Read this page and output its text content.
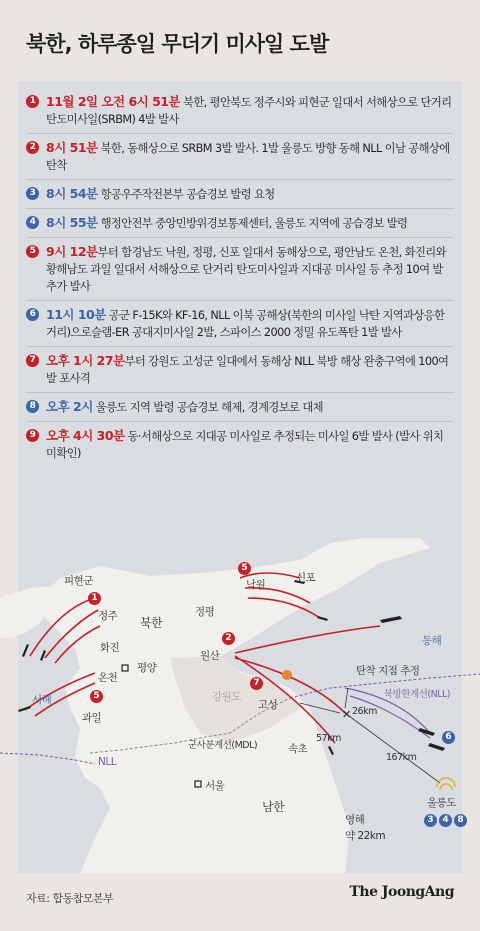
북한, 하루종일 무더기 미사일 도발
1 11월 2일 오전 6시 51분 북한, 평안북도 정주시와 피현군 일대서 서해상으로 단거리 탄도미사일(SRBM) 4발 발사
2 8시 51분 북한, 동해상으로 SRBM 3발 발사. 1발 울릉도 방향 동해 NLL 이남 공해상에 탄착
3 8시 54분 항공우주작전본부 공습경보 발령 요청
4 8시 55분 행정안전부 중앙민방위경보통제센터, 울릉도 지역에 공습경보 발령
5 9시 12분부터 함경남도 낙원, 정평, 신포 일대서 동해상으로, 평안남도 온천, 화진리와 황해남도 과일 일대서 서해상으로 단거리 탄도미사일과 지대공 미사일 등 추정 10여 발 추가 발사
6 11시 10분 공군 F-15K와 KF-16, NLL 이북 공해상(북한의 미사일 낙탄 지역과상응한 거리)으로슬램-ER 공대지미사일 2발, 스파이스 2000 정밀 유도폭탄 1발 발사
7 오후 1시 27분부터 강원도 고성군 일대에서 동해상 NLL 북방 해상 완충구역에 100여 발 포사격
8 오후 2시 울릉도 지역 발령 공습경보 해제, 경계경보로 대체
9 오후 4시 30분 동·서해상으로 지대공 미사일로 추정되는 미사일 6발 발사 (발사 위치 미확인)
✕
피현군
정주
화진
평양
온천
과일
북한
낙원
신포
정평
원산
강원도
고성
속초
서울
남한	울릉도
서해
동해
군사분계선(MDL)
NLL
북방한계선(NLL)
탄착 지점 추정
영해
약 22km
26km
57km
167km
1
5
5
2
7
6
3 4 8
자료: 합동참모본부	The JoongAng
